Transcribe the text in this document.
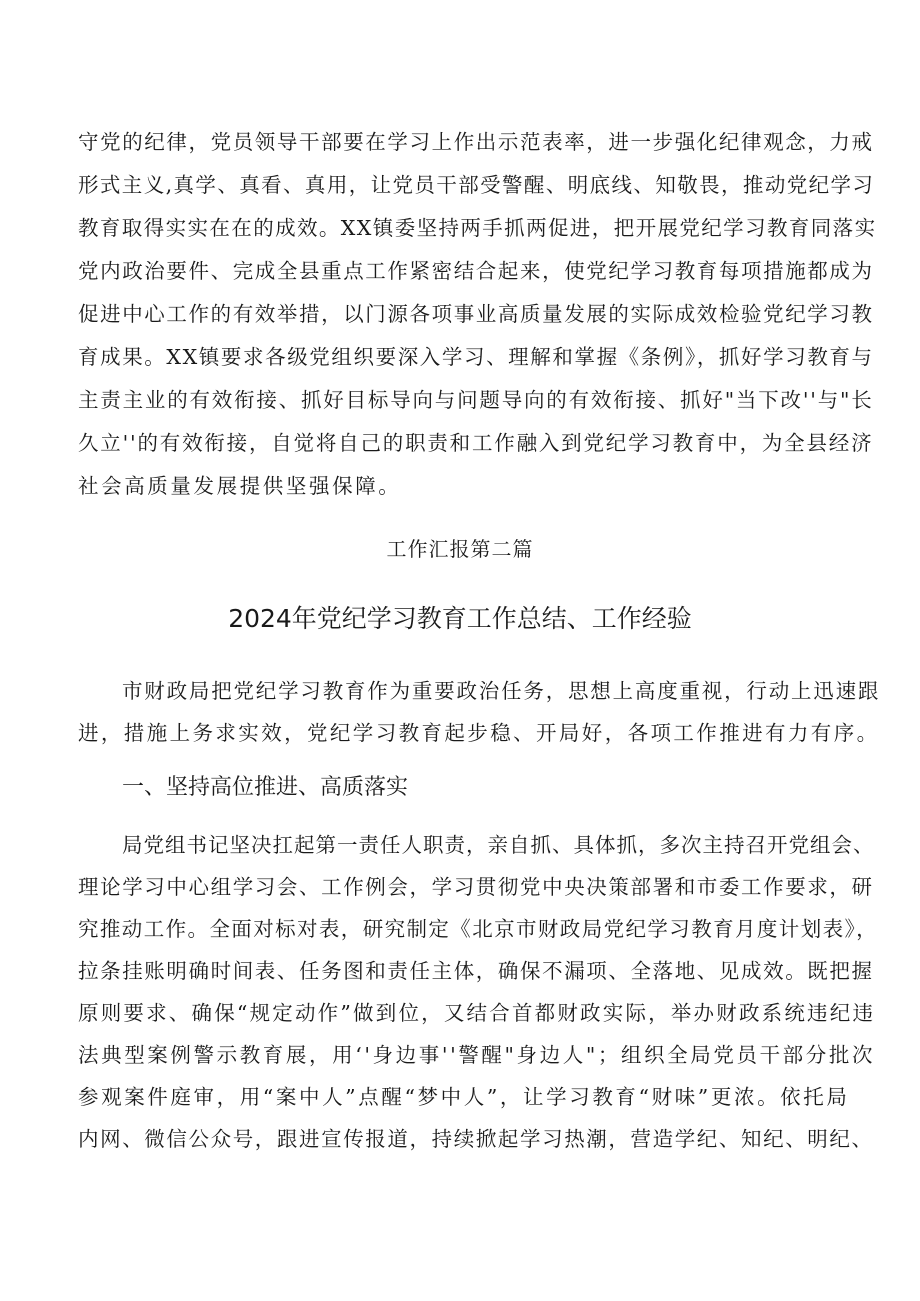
守党的纪律，党员领导干部要在学习上作出示范表率，进一步强化纪律观念，力戒
形式主义,真学、真看、真用，让党员干部受警醒、明底线、知敬畏，推动党纪学习
教育取得实实在在的成效。XX镇委坚持两手抓两促进，把开展党纪学习教育同落实
党内政治要件、完成全县重点工作紧密结合起来，使党纪学习教育每项措施都成为
促进中心工作的有效举措，以门源各项事业高质量发展的实际成效检验党纪学习教
育成果。XX镇要求各级党组织要深入学习、理解和掌握《条例》，抓好学习教育与
主责主业的有效衔接、抓好目标导向与问题导向的有效衔接、抓好"当下改''与"长
久立''的有效衔接，自觉将自己的职责和工作融入到党纪学习教育中，为全县经济
社会高质量发展提供坚强保障。
工作汇报第二篇
2024年党纪学习教育工作总结、工作经验
市财政局把党纪学习教育作为重要政治任务，思想上高度重视，行动上迅速跟
进，措施上务求实效，党纪学习教育起步稳、开局好，各项工作推进有力有序。
一、坚持高位推进、高质落实
局党组书记坚决扛起第一责任人职责，亲自抓、具体抓，多次主持召开党组会、
理论学习中心组学习会、工作例会，学习贯彻党中央决策部署和市委工作要求，研
究推动工作。全面对标对表，研究制定《北京市财政局党纪学习教育月度计划表》，
拉条挂账明确时间表、任务图和责任主体，确保不漏项、全落地、见成效。既把握
原则要求、确保“规定动作”做到位，又结合首都财政实际，举办财政系统违纪违
法典型案例警示教育展，用‘'身边事''警醒"身边人"；组织全局党员干部分批次
参观案件庭审，用“案中人”点醒“梦中人”，让学习教育“财味”更浓。依托局
内网、微信公众号，跟进宣传报道，持续掀起学习热潮，营造学纪、知纪、明纪、
